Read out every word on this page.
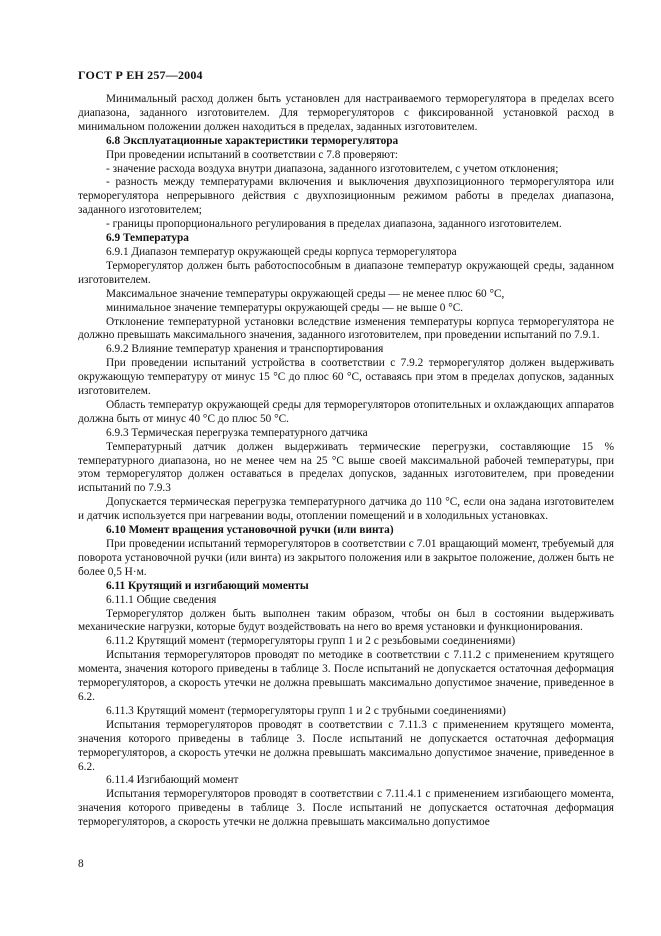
ГОСТ Р ЕН 257—2004

Минимальный расход должен быть установлен для настраиваемого терморегулятора в пределах всего диапазона, заданного изготовителем. Для терморегуляторов с фиксированной установкой расход в минимальном положении должен находиться в пределах, заданных изготовителем.

6.8 Эксплуатационные характеристики терморегулятора

При проведении испытаний в соответствии с 7.8 проверяют:

- значение расхода воздуха внутри диапазона, заданного изготовителем, с учетом отклонения;

- разность между температурами включения и выключения двухпозиционного терморегулятора или терморегулятора непрерывного действия с двухпозиционным режимом работы в пределах диапазона, заданного изготовителем;

- границы пропорционального регулирования в пределах диапазона, заданного изготовителем.

6.9 Температура

6.9.1 Диапазон температур окружающей среды корпуса терморегулятора

Терморегулятор должен быть работоспособным в диапазоне температур окружающей среды, заданном изготовителем.

Максимальное значение температуры окружающей среды — не менее плюс 60 °С,

минимальное значение температуры окружающей среды — не выше 0 °С.

Отклонение температурной установки вследствие изменения температуры корпуса терморегулятора не должно превышать максимального значения, заданного изготовителем, при проведении испытаний по 7.9.1.

6.9.2 Влияние температур хранения и транспортирования

При проведении испытаний устройства в соответствии с 7.9.2 терморегулятор должен выдерживать окружающую температуру от минус 15 °С до плюс 60 °С, оставаясь при этом в пределах допусков, заданных изготовителем.

Область температур окружающей среды для терморегуляторов отопительных и охлаждающих аппаратов должна быть от минус 40 °С до плюс 50 °С.

6.9.3 Термическая перегрузка температурного датчика

Температурный датчик должен выдерживать термические перегрузки, составляющие 15 % температурного диапазона, но не менее чем на 25 °С выше своей максимальной рабочей температуры, при этом терморегулятор должен оставаться в пределах допусков, заданных изготовителем, при проведении испытаний по 7.9.3

Допускается термическая перегрузка температурного датчика до 110 °С, если она задана изготовителем и датчик используется при нагревании воды, отоплении помещений и в холодильных установках.

6.10 Момент вращения установочной ручки (или винта)

При проведении испытаний терморегуляторов в соответствии с 7.01 вращающий момент, требуемый для поворота установочной ручки (или винта) из закрытого положения или в закрытое положение, должен быть не более 0,5 Н·м.

6.11 Крутящий и изгибающий моменты

6.11.1 Общие сведения

Терморегулятор должен быть выполнен таким образом, чтобы он был в состоянии выдерживать механические нагрузки, которые будут воздействовать на него во время установки и функционирования.

6.11.2 Крутящий момент (терморегуляторы групп 1 и 2 с резьбовыми соединениями)

Испытания терморегуляторов проводят по методике в соответствии с 7.11.2 с применением крутящего момента, значения которого приведены в таблице 3. После испытаний не допускается остаточная деформация терморегуляторов, а скорость утечки не должна превышать максимально допустимое значение, приведенное в 6.2.

6.11.3 Крутящий момент (терморегуляторы групп 1 и 2 с трубными соединениями)

Испытания терморегуляторов проводят в соответствии с 7.11.3 с применением крутящего момента, значения которого приведены в таблице 3. После испытаний не допускается остаточная деформация терморегуляторов, а скорость утечки не должна превышать максимально допустимое значение, приведенное в 6.2.

6.11.4 Изгибающий момент

Испытания терморегуляторов проводят в соответствии с 7.11.4.1 с применением изгибающего момента, значения которого приведены в таблице 3. После испытаний не допускается остаточная деформация терморегуляторов, а скорость утечки не должна превышать максимально допустимое

8
